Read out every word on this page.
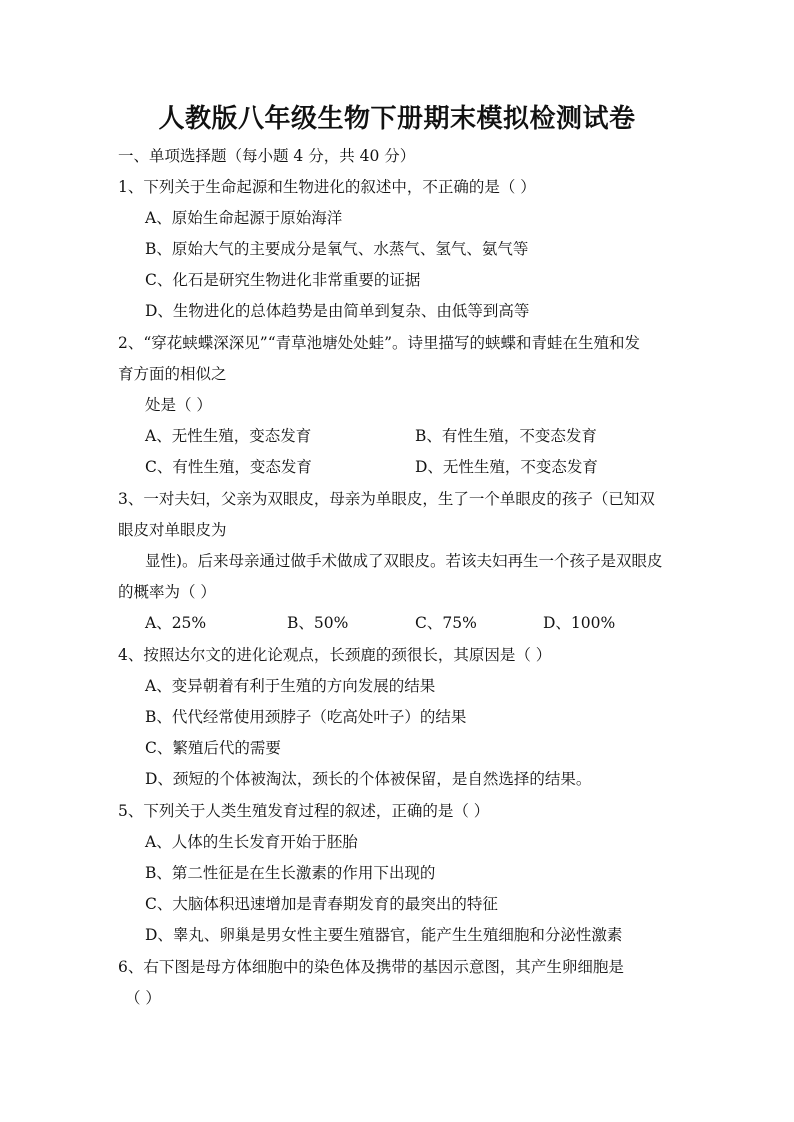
人教版八年级生物下册期末模拟检测试卷
一、单项选择题（每小题 4 分，共 40 分）
1、下列关于生命起源和生物进化的叙述中，不正确的是（ ）
A、原始生命起源于原始海洋
B、原始大气的主要成分是氧气、水蒸气、氢气、氨气等
C、化石是研究生物进化非常重要的证据
D、生物进化的总体趋势是由简单到复杂、由低等到高等
2、“穿花蛱蝶深深见”“青草池塘处处蛙”。诗里描写的蛱蝶和青蛙在生殖和发
育方面的相似之
处是（ ）
A、无性生殖，变态发育	B、有性生殖，不变态发育
C、有性生殖，变态发育	D、无性生殖，不变态发育
3、一对夫妇，父亲为双眼皮，母亲为单眼皮，生了一个单眼皮的孩子（已知双
眼皮对单眼皮为
显性)。后来母亲通过做手术做成了双眼皮。若该夫妇再生一个孩子是双眼皮
的概率为（ ）
A、25%	B、50%	C、75%	D、100%
4、按照达尔文的进化论观点，长颈鹿的颈很长，其原因是（ ）
A、变异朝着有利于生殖的方向发展的结果
B、代代经常使用颈脖子（吃高处叶子）的结果
C、繁殖后代的需要
D、颈短的个体被淘汰，颈长的个体被保留，是自然选择的结果。
5、下列关于人类生殖发育过程的叙述，正确的是（ ）
A、人体的生长发育开始于胚胎
B、第二性征是在生长激素的作用下出现的
C、大脑体积迅速增加是青春期发育的最突出的特征
D、睾丸、卵巢是男女性主要生殖器官，能产生生殖细胞和分泌性激素
6、右下图是母方体细胞中的染色体及携带的基因示意图，其产生卵细胞是
（ ）
